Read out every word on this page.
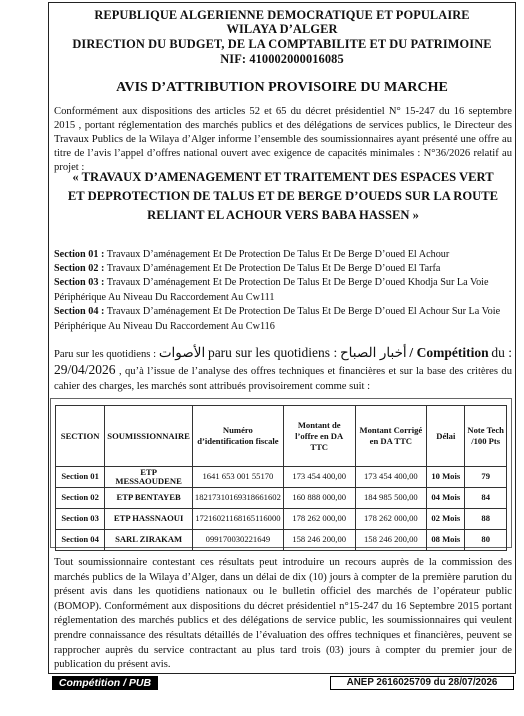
REPUBLIQUE ALGERIENNE DEMOCRATIQUE ET POPULAIRE
WILAYA D’ALGER
DIRECTION DU BUDGET, DE LA COMPTABILITE ET DU PATRIMOINE
NIF: 410002000016085
AVIS D’ATTRIBUTION PROVISOIRE DU MARCHE
Conformément aux dispositions des articles 52 et 65 du décret présidentiel N° 15-247 du 16 septembre 2015 , portant réglementation des marchés publics et des délégations de services publics, le Directeur des Travaux Publics de la Wilaya d’Alger informe l’ensemble des soumissionnaires ayant présenté une offre au titre de l’avis l’appel d’offres national ouvert avec exigence de capacités minimales : N°36/2026 relatif au projet :
« TRAVAUX D’AMENAGEMENT ET TRAITEMENT DES ESPACES VERT
ET DEPROTECTION DE TALUS ET DE BERGE D’OUEDS SUR LA ROUTE
RELIANT EL ACHOUR VERS BABA HASSEN »
Section 01 : Travaux D’aménagement Et De Protection De Talus Et De Berge D’oued El Achour
Section 02 : Travaux D’aménagement Et De Protection De Talus Et De Berge D’oued El Tarfa
Section 03 : Travaux D’aménagement Et De Protection De Talus Et De Berge D’oued Khodja Sur La Voie Périphérique Au Niveau Du Raccordement Au Cw111
Section 04 : Travaux D’aménagement Et De Protection De Talus Et De Berge D’oued El Achour Sur La Voie Périphérique Au Niveau Du Raccordement Au Cw116
Paru sur les quotidiens : الأصوات paru sur les quotidiens : أخبار الصباح / Compétition du : 29/04/2026 , qu’à l’issue de l’analyse des offres techniques et financières et sur la base des critères du cahier des charges, les marchés sont attribués provisoirement comme suit :
SECTION	SOUMISSIONNAIRE	Numéro d’identification fiscale	Montant de l’offre en DA TTC	Montant Corrigé en DA TTC	Délai	Note Tech /100 Pts
Section 01	ETP MESSAOUDENE	1641 653 001 55170	173 454 400,00	173 454 400,00	10 Mois	79
Section 02	ETP BENTAYEB	18217310169318661602	160 888 000,00	184 985 500,00	04 Mois	84
Section 03	ETP HASSNAOUI	17216021168165116000	178 262 000,00	178 262 000,00	02 Mois	88
Section 04	SARL ZIRAKAM	099170030221649	158 246 200,00	158 246 200,00	08 Mois	80
Tout soumissionnaire contestant ces résultats peut introduire un recours auprès de la commission des marchés publics de la Wilaya d’Alger, dans un délai de dix (10) jours à compter de la première parution du présent avis dans les quotidiens nationaux ou le bulletin officiel des marchés de l’opérateur public (BOMOP). Conformément aux dispositions du décret présidentiel n°15-247 du 16 Septembre 2015 portant réglementation des marchés publics et des délégations de service public, les soumissionnaires qui veulent prendre connaissance des résultats détaillés de l’évaluation des offres techniques et financières, peuvent se rapprocher auprès du service contractant au plus tard trois (03) jours à compter du premier jour de publication du présent avis.
Compétition / PUB	ANEP 2616025709 du 28/07/2026
